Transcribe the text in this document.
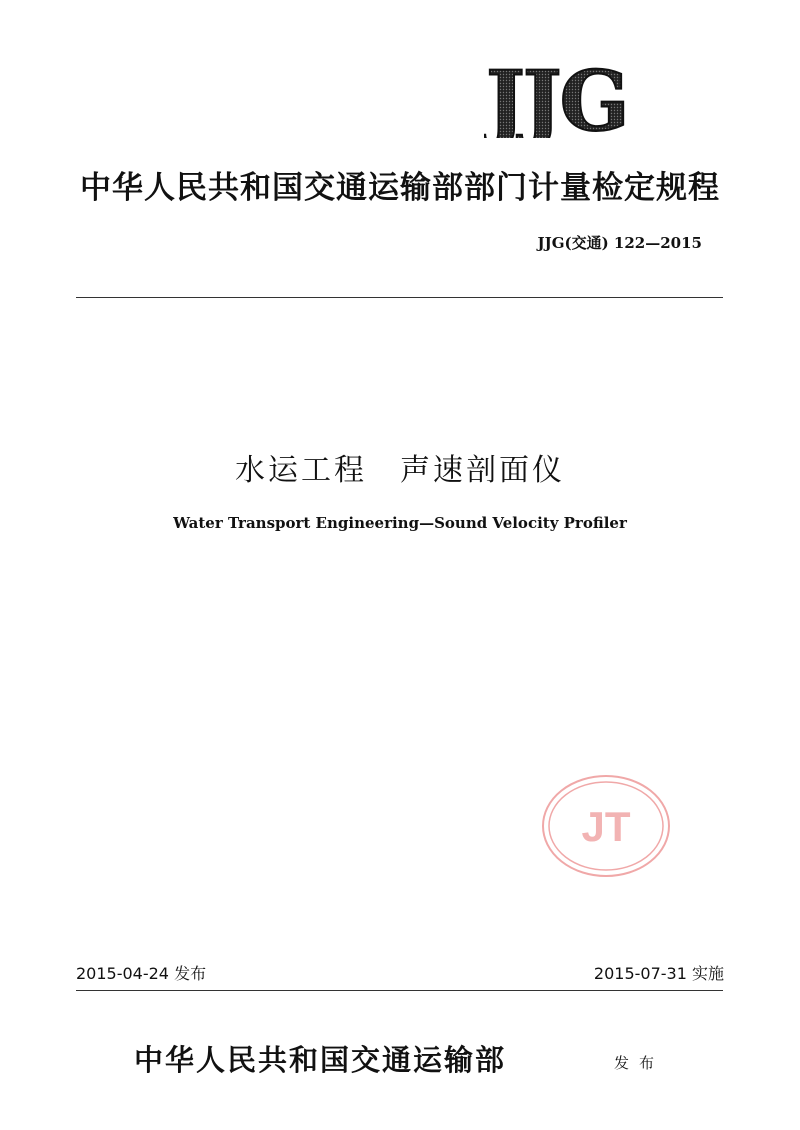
JJG
中华人民共和国交通运输部部门计量检定规程
JJG(交通) 122—2015
水运工程　声速剖面仪
Water Transport Engineering—Sound Velocity Profiler
JT
2015-04-24 发布	2015-07-31 实施
中华人民共和国交通运输部	发布
